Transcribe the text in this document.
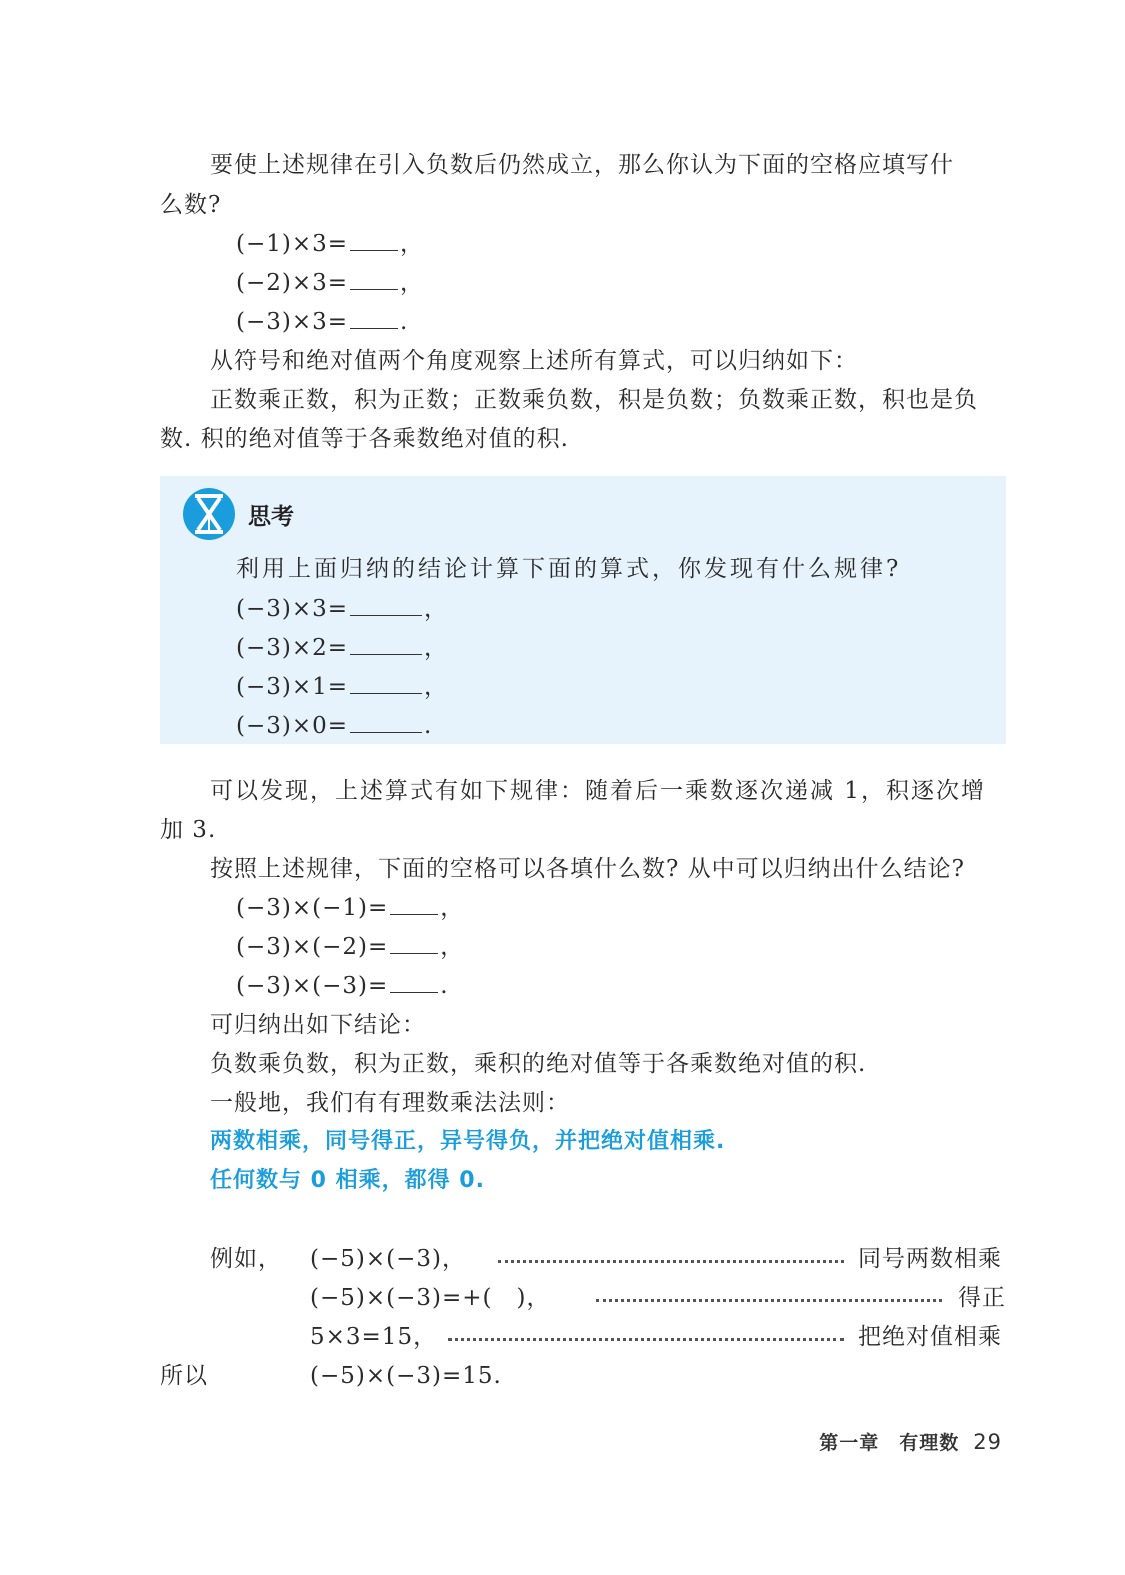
要使上述规律在引入负数后仍然成立，那么你认为下面的空格应填写什
么数?
(−1)×3= ，
(−2)×3= ，
(−3)×3= .
从符号和绝对值两个角度观察上述所有算式，可以归纳如下：
正数乘正数，积为正数；正数乘负数，积是负数；负数乘正数，积也是负
数. 积的绝对值等于各乘数绝对值的积.
思考
利用上面归纳的结论计算下面的算式，你发现有什么规律?
(−3)×3=	，
(−3)×2=	，
(−3)×1=	，
(−3)×0=	.
可以发现，上述算式有如下规律：随着后一乘数逐次递减 1，积逐次增
加 3.
按照上述规律，下面的空格可以各填什么数? 从中可以归纳出什么结论?
(−3)×(−1)= ，
(−3)×(−2)= ，
(−3)×(−3)= .
可归纳出如下结论：
负数乘负数，积为正数，乘积的绝对值等于各乘数绝对值的积.
一般地，我们有有理数乘法法则：
两数相乘，同号得正，异号得负，并把绝对值相乘.
任何数与 0 相乘，都得 0.
例如， (−5)×(−3)，	同号两数相乘
(−5)×(−3)=+(　)，	得正
5×3=15，	把绝对值相乘
所以	(−5)×(−3)=15.
第一章　有理数 29
